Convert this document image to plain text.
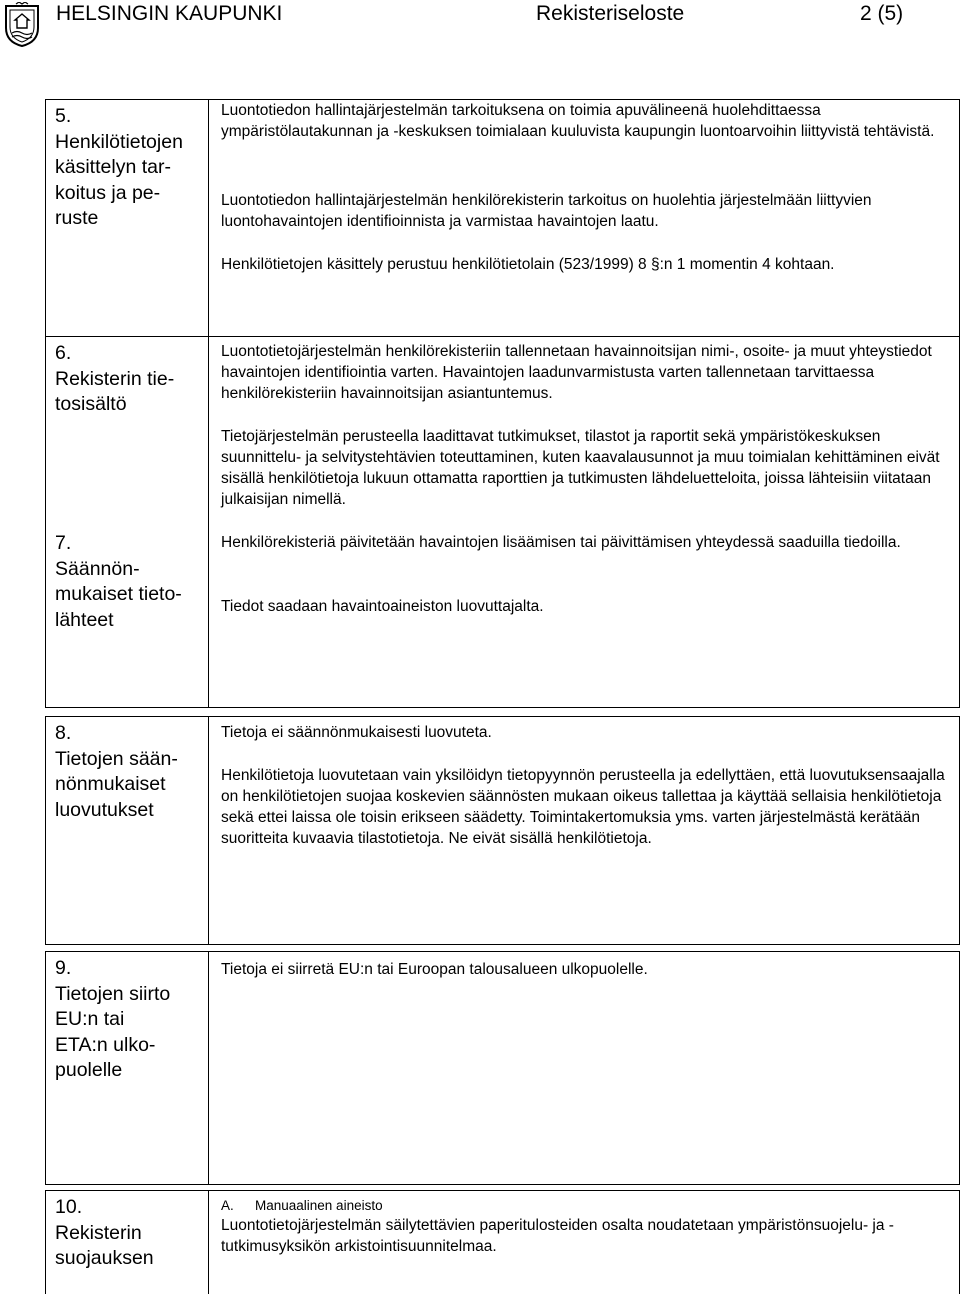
HELSINGIN KAUPUNKI	Rekisteriseloste	2 (5)
5.
Henkilötietojen
käsittelyn tar-
koitus ja pe-
ruste

Luontotiedon hallintajärjestelmän tarkoituksena on toimia apuvälineenä huolehdittaessa ympäristölautakunnan ja -keskuksen toimialaan kuuluvista kaupungin luontoarvoihin liittyvistä tehtävistä.

Luontotiedon hallintajärjestelmän henkilörekisterin tarkoitus on huolehtia järjestelmään liittyvien luontohavaintojen identifioinnista ja varmistaa havaintojen laatu.

Henkilötietojen käsittely perustuu henkilötietolain (523/1999) 8 §:n 1 momentin 4 kohtaan.

6.
Rekisterin tie-
tosisältö
7.
Säännön-
mukaiset tieto-
lähteet

Luontotietojärjestelmän henkilörekisteriin tallennetaan havainnoitsijan nimi-, osoite- ja muut yhteystiedot havaintojen identifiointia varten. Havaintojen laadunvarmistusta varten tallennetaan tarvittaessa henkilörekisteriin havainnoitsijan asiantuntemus.

Tietojärjestelmän perusteella laadittavat tutkimukset, tilastot ja raportit sekä ympäristökeskuksen suunnittelu- ja selvitystehtävien toteuttaminen, kuten kaavalausunnot ja muu toimialan kehittäminen eivät sisällä henkilötietoja lukuun ottamatta raporttien ja tutkimusten lähdeluetteloita, joissa lähteisiin viitataan julkaisijan nimellä.

Henkilörekisteriä päivitetään havaintojen lisäämisen tai päivittämisen yhteydessä saaduilla tiedoilla.

Tiedot saadaan havaintoaineiston luovuttajalta.

8.
Tietojen sään-
nönmukaiset
luovutukset

Tietoja ei säännönmukaisesti luovuteta.

Henkilötietoja luovutetaan vain yksilöidyn tietopyynnön perusteella ja edellyttäen, että luovutuksensaajalla on henkilötietojen suojaa koskevien säännösten mukaan oikeus tallettaa ja käyttää sellaisia henkilötietoja sekä ettei laissa ole toisin erikseen säädetty. Toimintakertomuksia yms. varten järjestelmästä kerätään suoritteita kuvaavia tilastotietoja. Ne eivät sisällä henkilötietoja.

9.
Tietojen siirto
EU:n tai
ETA:n ulko-
puolelle

Tietoja ei siirretä EU:n tai Euroopan talousalueen ulkopuolelle.

10.
Rekisterin
suojauksen

A. Manuaalinen aineisto

Luontotietojärjestelmän säilytettävien paperitulosteiden osalta noudatetaan ympäristönsuojelu- ja -tutkimusyksikön arkistointisuunnitelmaa.
